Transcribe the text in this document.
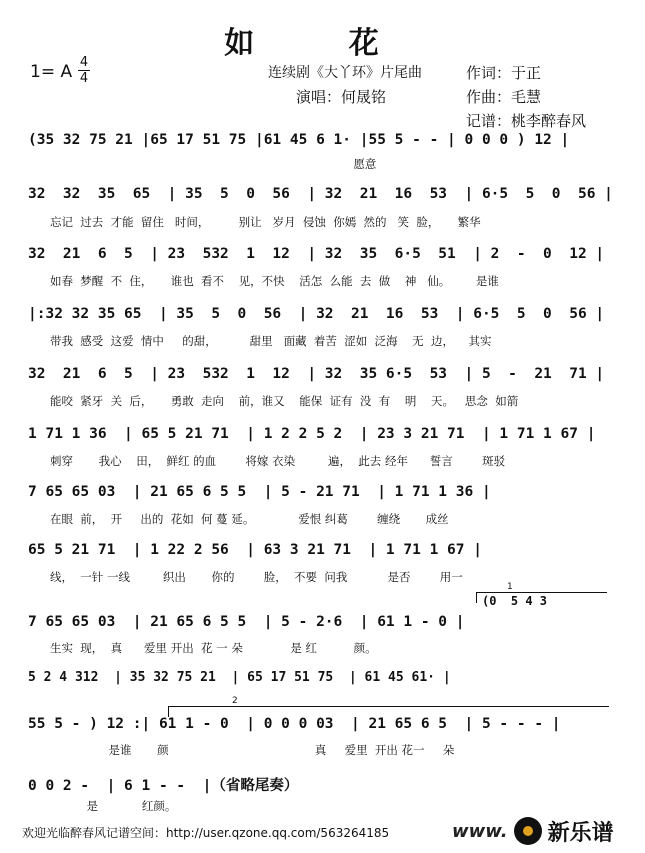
如 花
1= A 4
4	连续剧《大丫环》片尾曲
演唱：何晟铭
作词：于正
作曲：毛慧
记谱：桃李醉春风
(35 32 75 21 |65 17 51 75 |61 45 6 1· |55 5 - - | 0 0 0 ) 12 |
愿意
32  32  35  65  | 35  5  0  56  | 32  21  16  53  | 6·5  5  0  56 |
忘记  过去  才能  留住   时间，        别让   岁月  侵蚀  你嫣  然的   笑  脸，     繁华
32  21  6  5  | 23  532  1  12  | 32  35  6·5  51  | 2  -  0  12 |
如春  梦醒  不  住，     谁也  看不    见，不快    活怎  么能  去  做    神   仙。       是谁
|:32 32 35 65  | 35  5  0  56  | 32  21  16  53  | 6·5  5  0  56 |
带我  感受  这爱  情中     的甜，         甜里   面藏  着苦  涩如  泛海    无  边，    其实
32  21  6  5  | 23  532  1  12  | 32  35 6·5  53  | 5  -  21  71 |
能咬  紧牙  关  后，     勇敢  走向    前，谁又    能保  证有  没  有    明    天。   思念  如箭
1 71 1 36  | 65 5 21 71  | 1 2 2 5 2  | 23 3 21 71  | 1 71 1 67 |
刺穿       我心    田，  鲜红 的血        将嫁 衣染         遍，  此去 经年      誓言        斑驳
7 65 65 03  | 21 65 6 5 5  | 5 - 21 71  | 1 71 1 36 |
在眼  前，  开     出的  花如  何 蔓 延。            爱恨 纠葛        缠绕       成丝
65 5 21 71  | 1 22 2 56  | 63 3 21 71  | 1 71 1 67 |
线，  一针 一线         织出       你的        脸，  不要  问我           是否        用一
1
(0  5 4 3
7 65 65 03  | 21 65 6 5 5  | 5 - 2·6  | 61 1 - 0 |
生实  现，  真      爱里 开出  花 一 朵             是 红          颜。
5 2 4 312  | 35 32 75 21  | 65 17 51 75  | 61 45 61· |
2
55 5 - ) 12 :| 61 1 - 0  | 0 0 0 03  | 21 65 6 5  | 5 - - - |
是谁       颜                                        真     爱里  开出 花一     朵
0 0 2 -  | 6 1 - -  |（省略尾奏）
是            红颜。
欢迎光临醉春风记谱空间：http://user.qzone.qq.com/563264185	www. 新乐谱
